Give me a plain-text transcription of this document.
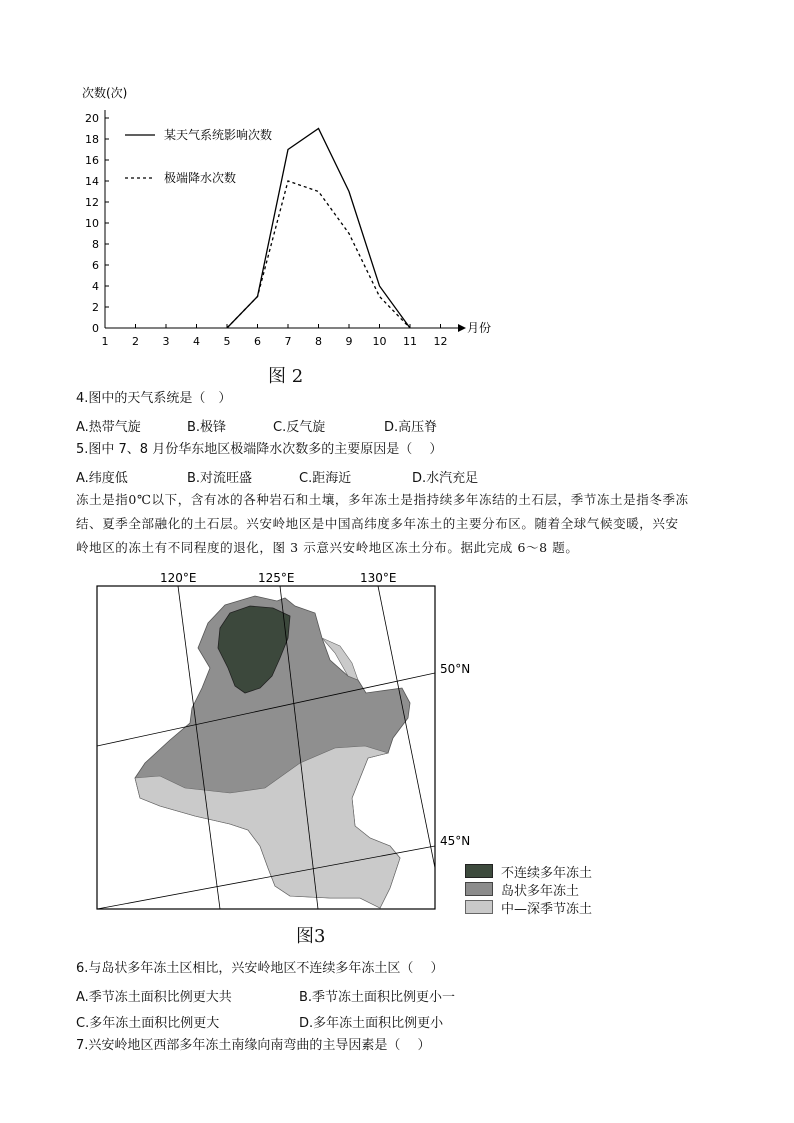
次数(次)
0
2
4
6
8
10
12
14
16
18
20
1 2 3 4 5 6 7 8 9 10 11 12
月份
某天气系统影响次数
极端降水次数
图 2
4.图中的天气系统是（　）
A.热带气旋	B.极锋	C.反气旋	D.高压脊
5.图中 7、8 月份华东地区极端降水次数多的主要原因是（　 ）
A.纬度低	B.对流旺盛	C.距海近	D.水汽充足
冻土是指0℃以下，含有冰的各种岩石和土壤，多年冻土是指持续多年冻结的土石层，季节冻土是指冬季冻
结、夏季全部融化的土石层。兴安岭地区是中国高纬度多年冻土的主要分布区。随着全球气候变暖，兴安
岭地区的冻土有不同程度的退化，图 3 示意兴安岭地区冻土分布。据此完成 6～8 题。
120°E	125°E	130°E
50°N
45°N
不连续多年冻土
岛状多年冻土
中—深季节冻土
图3
6.与岛状多年冻土区相比，兴安岭地区不连续多年冻土区（　 ）
A.季节冻土面积比例更大共	B.季节冻土面积比例更小一
C.多年冻土面积比例更大	D.多年冻土面积比例更小
7.兴安岭地区西部多年冻土南缘向南弯曲的主导因素是（　 ）
